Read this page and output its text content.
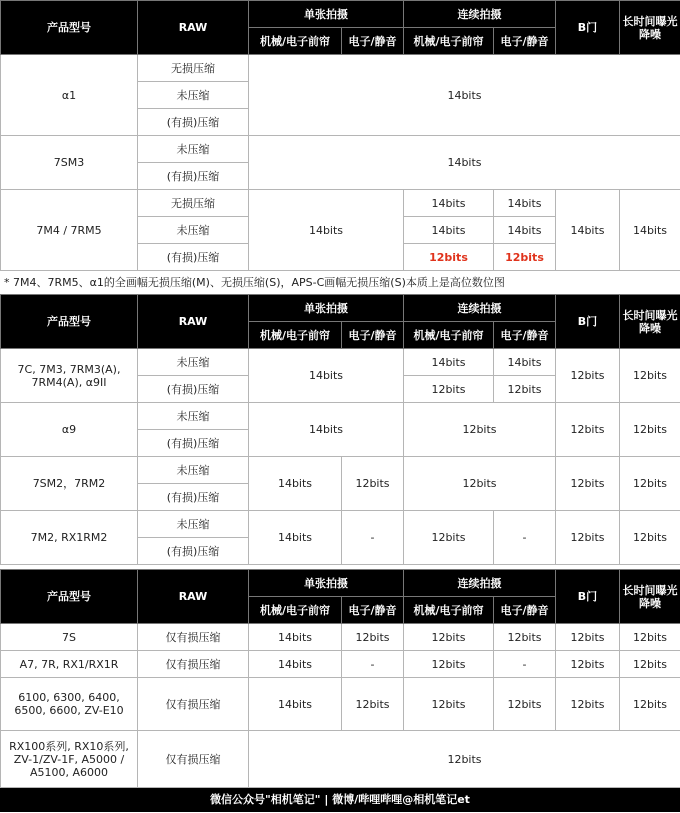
产品型号	RAW	单张拍摄		连续拍摄		B门	长时间曝光降噪
		机械/电子前帘	电子/静音	机械/电子前帘	电子/静音		
α1	无损压缩	14bits					
	未压缩						
	(有损)压缩						
7SM3	未压缩	14bits					
	(有损)压缩						
7M4 / 7RM5	无损压缩	14bits		14bits	14bits	14bits	14bits
	未压缩			14bits	14bits		
	(有损)压缩			12bits	12bits		
* 7M4、7RM5、α1的全画幅无损压缩(M)、无损压缩(S)，APS-C画幅无损压缩(S)本质上是高位数位图
产品型号	RAW	单张拍摄		连续拍摄		B门	长时间曝光降噪
		机械/电子前帘	电子/静音	机械/电子前帘	电子/静音		
7C, 7M3, 7RM3(A), 7RM4(A), α9II	未压缩	14bits		14bits	14bits	12bits	12bits
	(有损)压缩			12bits	12bits		
α9	未压缩	14bits		12bits		12bits	12bits
	(有损)压缩						
7SM2，7RM2	未压缩	14bits	12bits	12bits		12bits	12bits
	(有损)压缩						
7M2, RX1RM2	未压缩	14bits	-	12bits	-	12bits	12bits
	(有损)压缩						
产品型号	RAW	单张拍摄		连续拍摄		B门	长时间曝光降噪
		机械/电子前帘	电子/静音	机械/电子前帘	电子/静音		
7S	仅有损压缩	14bits	12bits	12bits	12bits	12bits	12bits
A7, 7R, RX1/RX1R	仅有损压缩	14bits	-	12bits	-	12bits	12bits
6100, 6300, 6400, 6500, 6600, ZV-E10	仅有损压缩	14bits	12bits	12bits	12bits	12bits	12bits
RX100系列, RX10系列, ZV-1/ZV-1F, A5000 / A5100, A6000	仅有损压缩	12bits					
微信公众号"相机笔记" | 微博/哔哩哔哩@相机笔记et
